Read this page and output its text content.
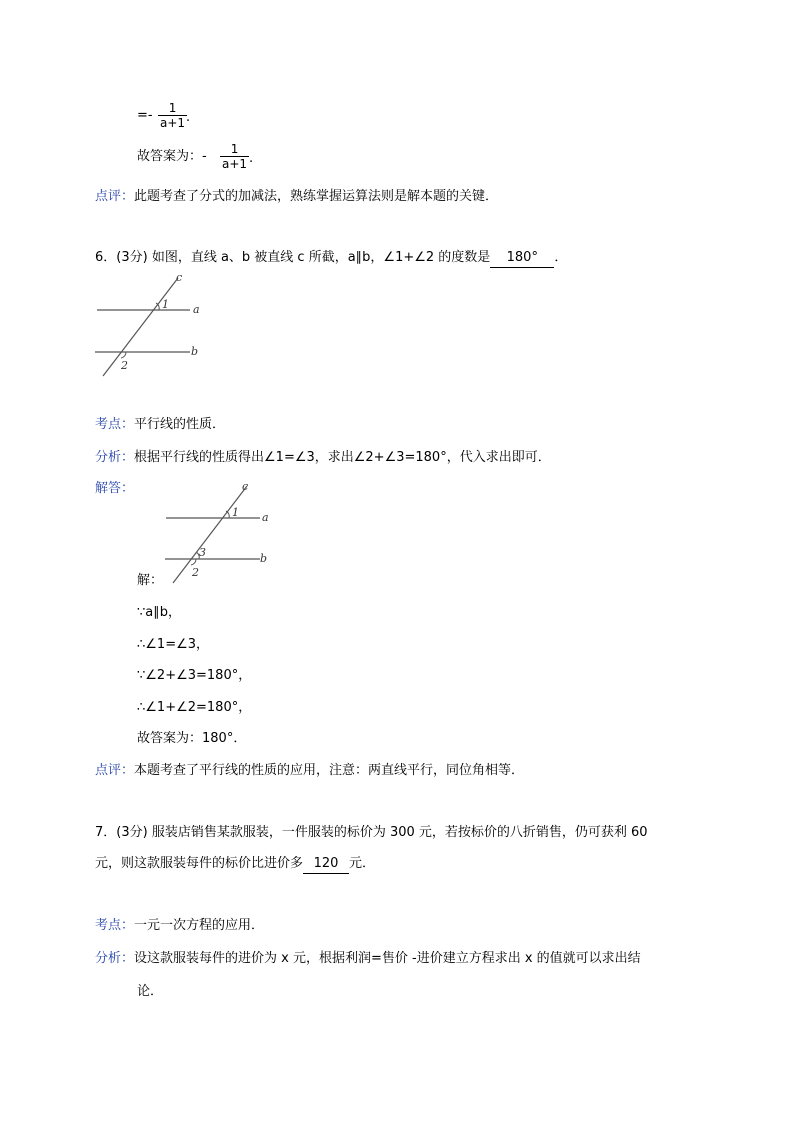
=- $\frac{1}{a+1}$
.
故答案为：- $\frac{1}{a+1}$ .
点评：此题考查了分式的加减法，熟练掌握运算法则是解本题的关键．
6．(3分) 如图，直线 a、b 被直线 c 所截，a∥b，∠1+∠2 的度数是 180° ．
c
a
b
1
2
考点：平行线的性质．
分析：根据平行线的性质得出∠1=∠3，求出∠2+∠3=180°，代入求出即可．
解答：	c
a
b
1
3
2
解：
∵a∥b，
∴∠1=∠3，
∵∠2+∠3=180°，
∴∠1+∠2=180°，
故答案为：180°．
点评：本题考查了平行线的性质的应用，注意：两直线平行，同位角相等．
7．(3分) 服装店销售某款服装，一件服装的标价为 300 元，若按标价的八折销售，仍可获利 60
元，则这款服装每件的标价比进价多 120 元．
考点：一元一次方程的应用．
分析：设这款服装每件的进价为 x 元，根据利润=售价 -进价建立方程求出 x 的值就可以求出结
论．
